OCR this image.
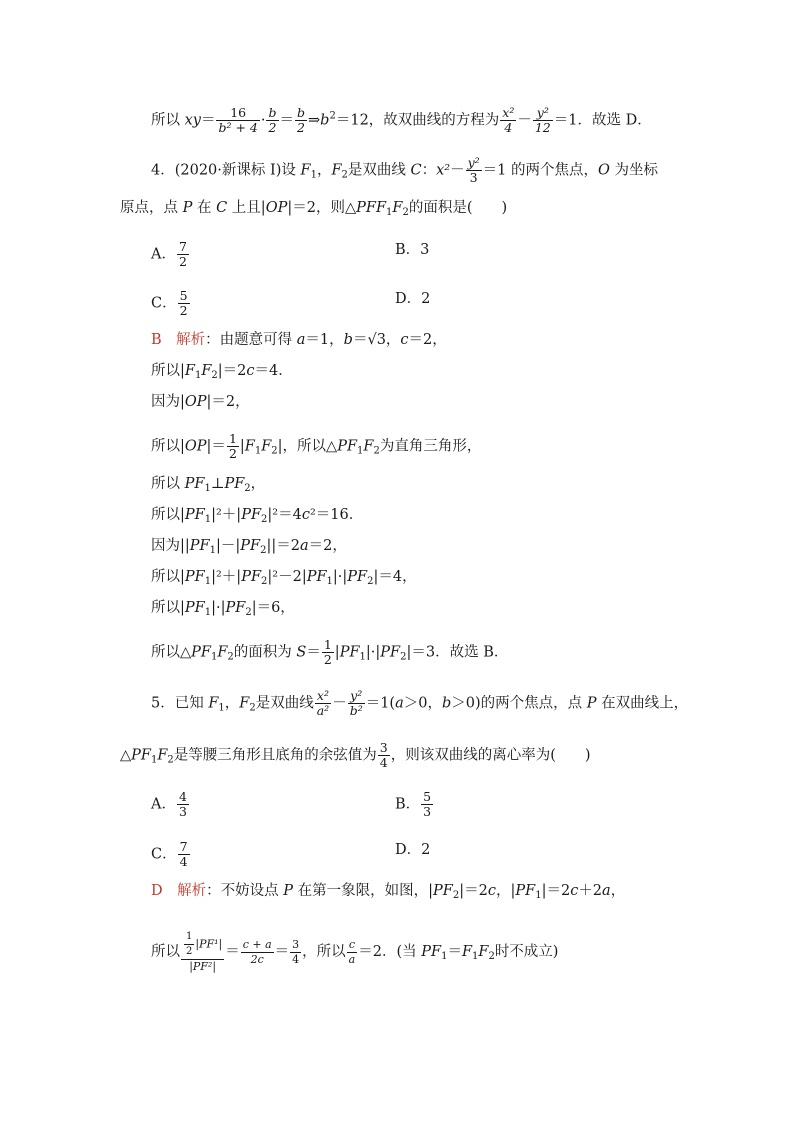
所以 $xy= \frac{16}{\text{b² + 4}} \cdot \frac{b}{2} = \frac{b}{2}$ $\Rightarrow b^2=12$，故双曲线的方程为 $\frac{\text{x²}}{4} - \frac{\text{y²}}{12} =1$．故选 D．
4．(2020·新课标 Ⅰ)设 $F_1$，$F_2$是双曲线 C：$x^2- \frac{\text{y²}}{3} =1$ 的两个焦点，O 为坐标
原点，点 P 在 C 上且|OP|＝2，则$\triangle PFF_1F_2$的面积是(　　)
A． $\frac{7}{2}$	B．3
C． $\frac{5}{2}$	D．2
B　 解析：由题意可得 a＝1，b＝√3，c＝2，
所以$|F_1F_2|=2c=4$．
因为|OP|＝2，
所以$|OP|= \frac{1}{2} |F_1F_2|$，所以$\triangle PF_1F_2$为直角三角形，
所以 $PF_1\perp PF_2$，
所以$|PF_1|^2+|PF_2|^2=4c^2=16$．
因为$||PF_1|-|PF_2||=2a=2$，
所以$|PF_1|^2+|PF_2|^2-2|PF_1|\cdot|PF_2|=4$，
所以$|PF_1|\cdot|PF_2|=6$，
所以$\triangle PF_1F_2$的面积为 $S= \frac{1}{2} |PF_1|\cdot|PF_2|=3$．故选 B．
5．已知 $F_1$，$F_2$是双曲线 $\frac{\text{x²}}{\text{a²}} - \frac{\text{y²}}{\text{b²}} =1(a>0$，b＞0)的两个焦点，点 P 在双曲线上，
$\triangle PF_1F_2$是等腰三角形且底角的余弦值为 $\frac{3}{4}$ ，则该双曲线的离心率为(　　)
A． $\frac{4}{3}$	B． $\frac{5}{3}$
C． $\frac{7}{4}$	D．2
D　 解析：不妨设点 P 在第一象限，如图，$|PF_2|=2c$，$|PF_1|=2c+2a$，
所以 $\frac{\frac{1}{2} |PF^1|}{\text{|PF²|}} = \frac{c + a}{2c} = \frac{3}{4}$ ，所以 $\frac{c}{a} =2$．(当 $PF_1=F_1F_2$时不成立)
